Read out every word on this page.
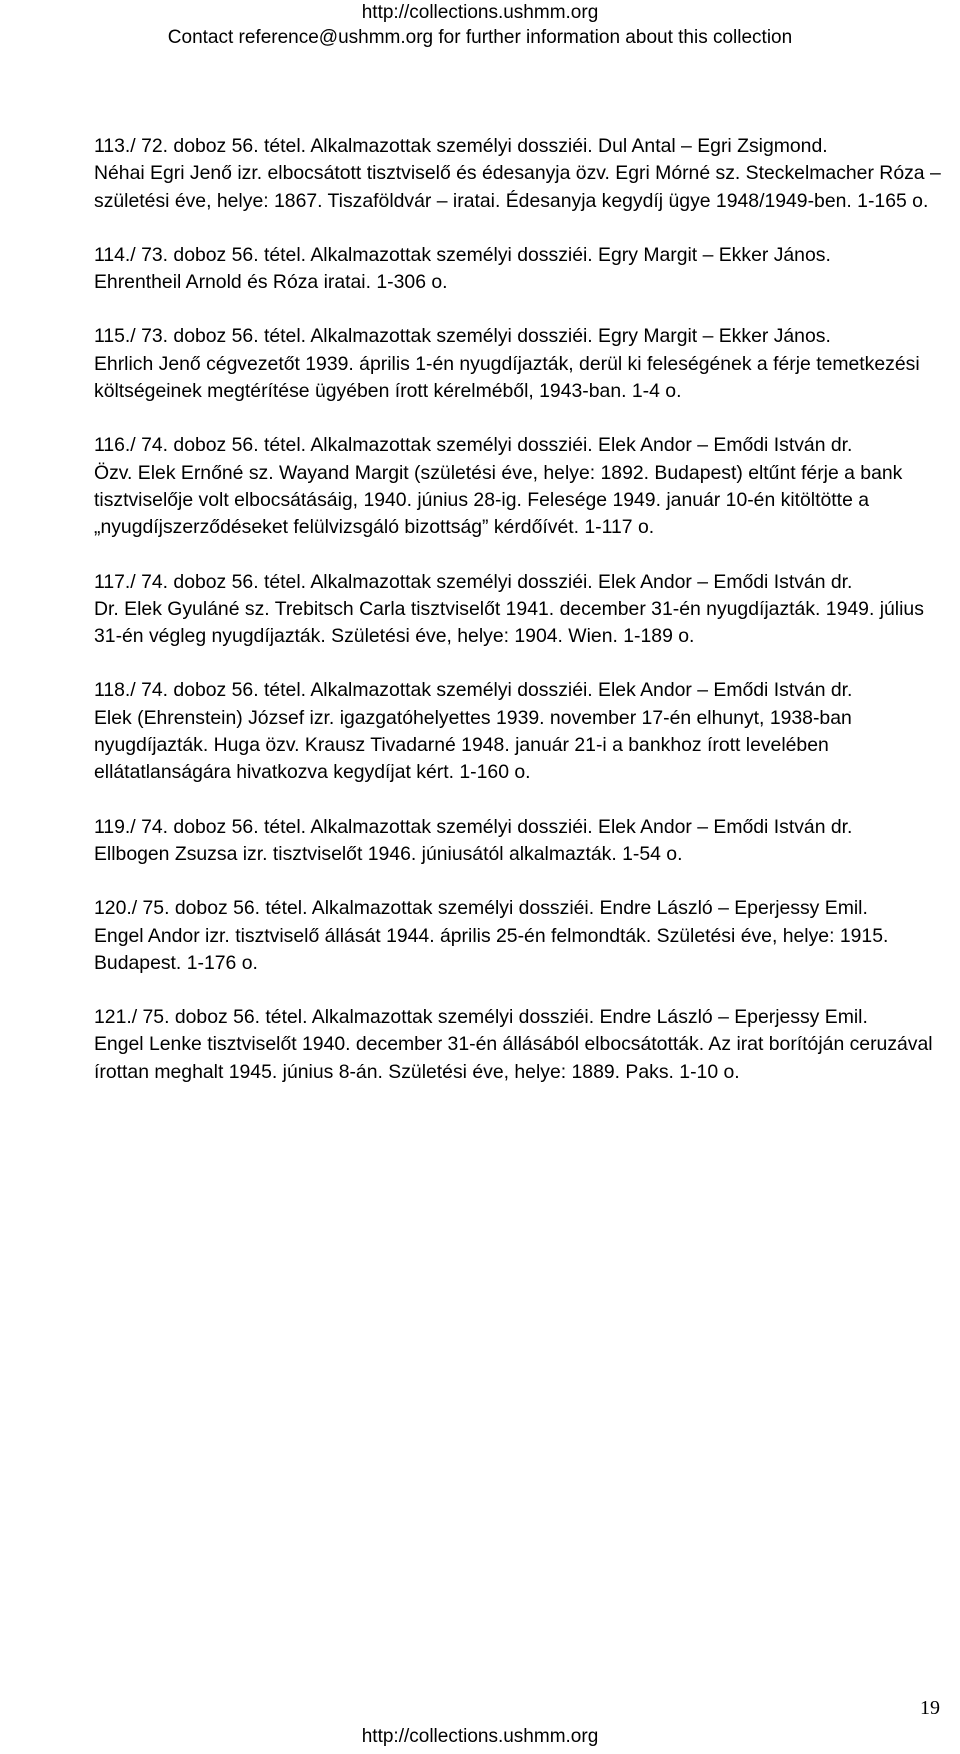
http://collections.ushmm.org
Contact reference@ushmm.org for further information about this collection
113./ 72. doboz 56. tétel. Alkalmazottak személyi dossziéi. Dul Antal – Egri Zsigmond.
Néhai Egri Jenő izr. elbocsátott tisztviselő és édesanyja özv. Egri Mórné sz. Steckelmacher Róza – születési éve, helye: 1867. Tiszaföldvár – iratai. Édesanyja kegydíj ügye 1948/1949-ben. 1-165 o.
114./ 73. doboz 56. tétel. Alkalmazottak személyi dossziéi. Egry Margit – Ekker János.
Ehrentheil Arnold és Róza iratai. 1-306 o.
115./ 73. doboz 56. tétel. Alkalmazottak személyi dossziéi. Egry Margit – Ekker János.
Ehrlich Jenő cégvezetőt 1939. április 1-én nyugdíjazták, derül ki feleségének a férje temetkezési költségeinek megtérítése ügyében írott kérelméből, 1943-ban. 1-4 o.
116./ 74. doboz 56. tétel. Alkalmazottak személyi dossziéi. Elek Andor – Emődi István dr.
Özv. Elek Ernőné sz. Wayand Margit (születési éve, helye: 1892. Budapest) eltűnt férje a bank tisztviselője volt elbocsátásáig, 1940. június 28-ig. Felesége 1949. január 10-én kitöltötte a „nyugdíjszerződéseket felülvizsgáló bizottság” kérdőívét. 1-117 o.
117./ 74. doboz 56. tétel. Alkalmazottak személyi dossziéi. Elek Andor – Emődi István dr.
Dr. Elek Gyuláné sz. Trebitsch Carla tisztviselőt 1941. december 31-én nyugdíjazták. 1949. július 31-én végleg nyugdíjazták. Születési éve, helye: 1904. Wien. 1-189 o.
118./ 74. doboz 56. tétel. Alkalmazottak személyi dossziéi. Elek Andor – Emődi István dr.
Elek (Ehrenstein) József izr. igazgatóhelyettes 1939. november 17-én elhunyt, 1938-ban nyugdíjazták. Huga özv. Krausz Tivadarné 1948. január 21-i a bankhoz írott levelében ellátatlanságára hivatkozva kegydíjat kért. 1-160 o.
119./ 74. doboz 56. tétel. Alkalmazottak személyi dossziéi. Elek Andor – Emődi István dr.
Ellbogen Zsuzsa izr. tisztviselőt 1946. júniusától alkalmazták. 1-54 o.
120./ 75. doboz 56. tétel. Alkalmazottak személyi dossziéi. Endre László – Eperjessy Emil.
Engel Andor izr. tisztviselő állását 1944. április 25-én felmondták. Születési éve, helye: 1915. Budapest. 1-176 o.
121./ 75. doboz 56. tétel. Alkalmazottak személyi dossziéi. Endre László – Eperjessy Emil.
Engel Lenke tisztviselőt 1940. december 31-én állásából elbocsátották. Az irat borítóján ceruzával írottan meghalt 1945. június 8-án. Születési éve, helye: 1889. Paks. 1-10 o.
19
http://collections.ushmm.org
